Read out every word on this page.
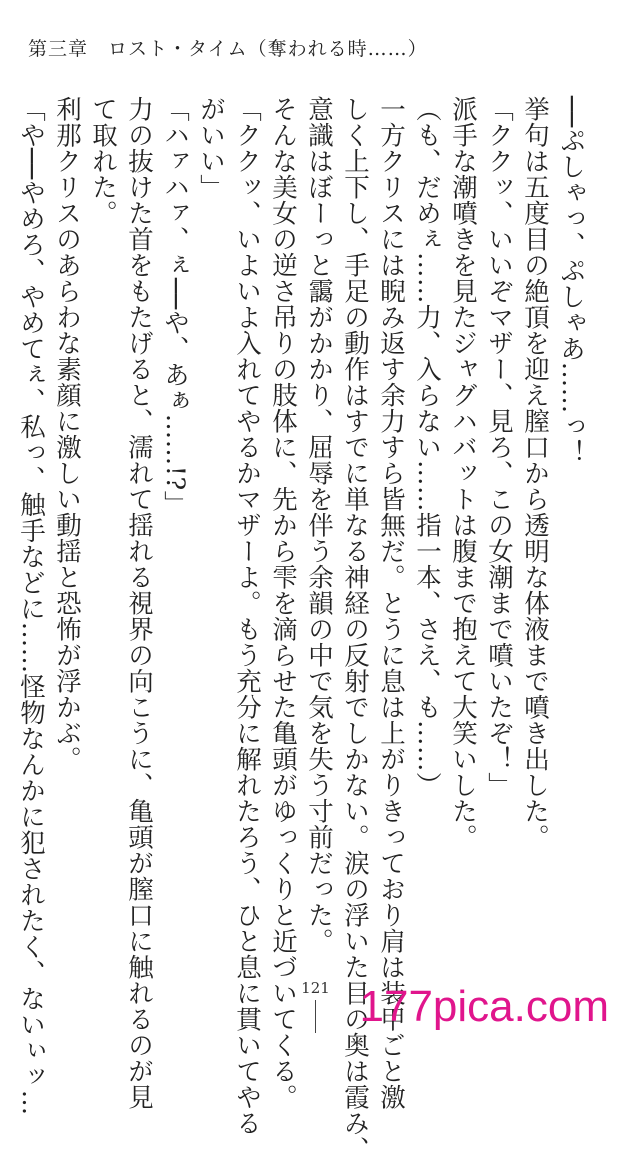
第三章　ロスト・タイム（奪われる時……）

──ぷしゃっ、ぷしゃあ……っ！

挙句は五度目の絶頂を迎え膣口から透明な体液まで噴き出した。

「ククッ、いいぞマザー、見ろ、この女潮まで噴いたぞ！」

派手な潮噴きを見たジャグハバットは腹まで抱えて大笑いした。

（も、だめぇ……力、入らない……指一本、さえ、も……）

一方クリスには睨み返す余力すら皆無だ。とうに息は上がりきっており肩は装甲ごと激

しく上下し、手足の動作はすでに単なる神経の反射でしかない。涙の浮いた目の奥は霞み、

意識はぼーっと靄がかかり、屈辱を伴う余韻の中で気を失う寸前だった。

そんな美女の逆さ吊りの肢体に、先から雫を滴らせた亀頭がゆっくりと近づいてくる。

「ククッ、いよいよ入れてやるかマザーよ。もう充分に解れたろう、ひと息に貫いてやる

がいい」

「ハァハァ、ぇ──や、あぁ……!?」

力の抜けた首をもたげると、濡れて揺れる視界の向こうに、亀頭が膣口に触れるのが見

て取れた。

利那クリスのあらわな素顔に激しい動揺と恐怖が浮かぶ。

「や──やめろ、やめてぇ、私っ、触手などに……怪物なんかに犯されたく、ないぃッ…	121 177pica.com
